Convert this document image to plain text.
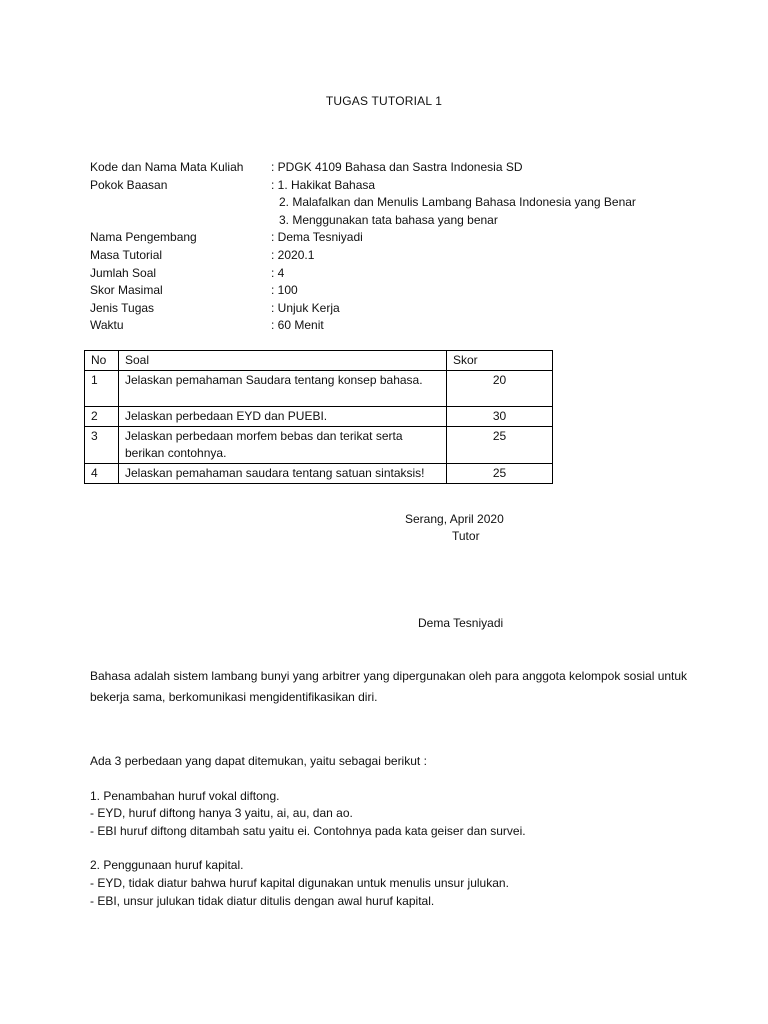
TUGAS TUTORIAL 1
Kode dan Nama Mata Kuliah	: PDGK 4109 Bahasa dan Sastra Indonesia SD
Pokok Baasan	: 1. Hakikat Bahasa
2. Malafalkan dan Menulis Lambang Bahasa Indonesia yang Benar
3. Menggunakan tata bahasa yang benar
Nama Pengembang	: Dema Tesniyadi
Masa Tutorial	: 2020.1
Jumlah Soal	: 4
Skor Masimal	: 100
Jenis Tugas	: Unjuk Kerja
Waktu	: 60 Menit
No	Soal	Skor
1	Jelaskan pemahaman Saudara tentang konsep bahasa.	20
2	Jelaskan perbedaan EYD dan PUEBI.	30
3	Jelaskan perbedaan morfem bebas dan terikat serta berikan contohnya.	25
4	Jelaskan pemahaman saudara tentang satuan sintaksis!	25
Serang, April 2020
Tutor
Dema Tesniyadi
Bahasa adalah sistem lambang bunyi yang arbitrer yang dipergunakan oleh para anggota kelompok sosial untuk bekerja sama, berkomunikasi mengidentifikasikan diri.

Ada 3 perbedaan yang dapat ditemukan, yaitu sebagai berikut :

1. Penambahan huruf vokal diftong.

- EYD, huruf diftong hanya 3 yaitu, ai, au, dan ao.

- EBI huruf diftong ditambah satu yaitu ei. Contohnya pada kata geiser dan survei.

2. Penggunaan huruf kapital.

- EYD, tidak diatur bahwa huruf kapital digunakan untuk menulis unsur julukan.

- EBI, unsur julukan tidak diatur ditulis dengan awal huruf kapital.
